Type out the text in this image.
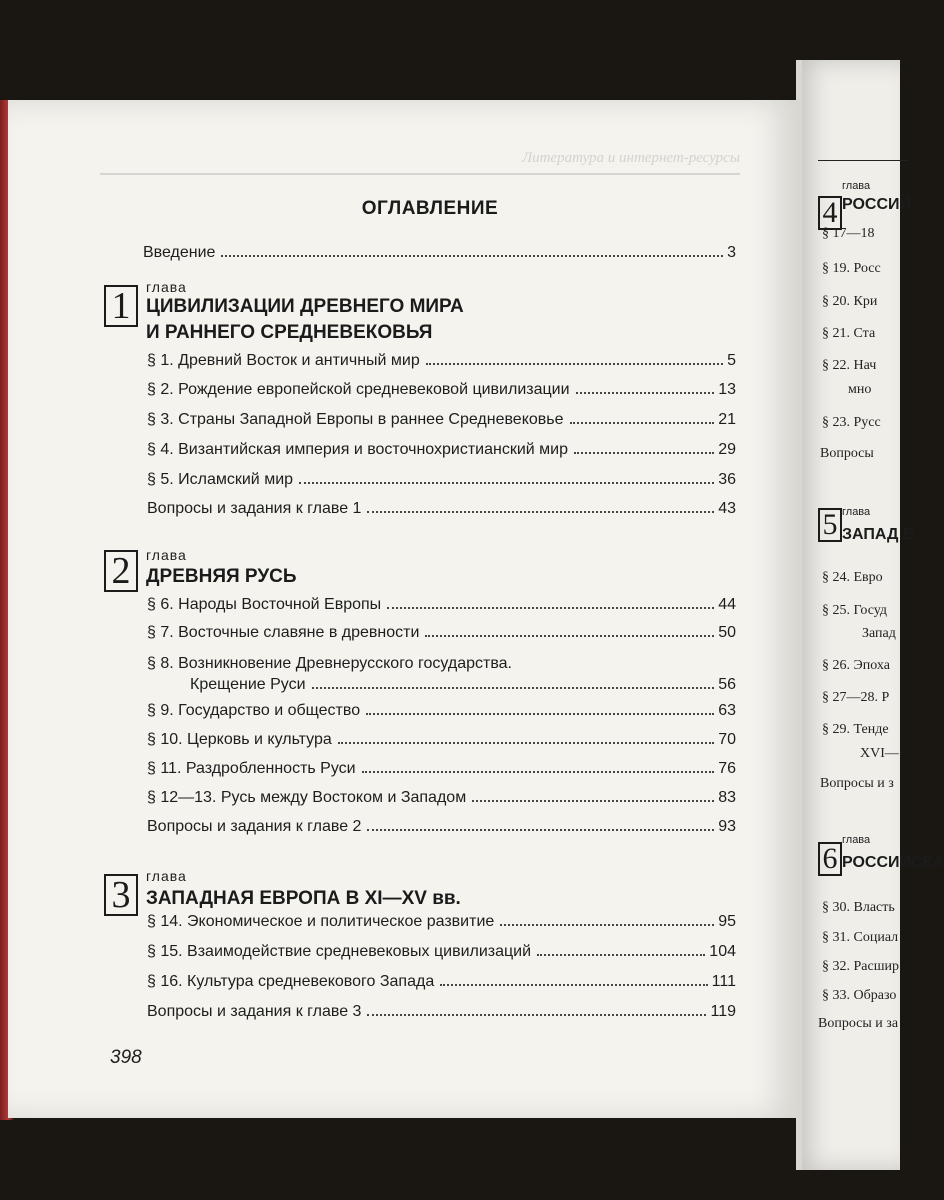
Литература и интернет-ресурсы
ОГЛАВЛЕНИЕ
Введение	3
1	глава
ЦИВИЛИЗАЦИИ ДРЕВНЕГО МИРА
И РАННЕГО СРЕДНЕВЕКОВЬЯ
§ 1. Древний Восток и античный мир	5
§ 2. Рождение европейской средневековой цивилизации	13
§ 3. Страны Западной Европы в раннее Средневековье	21
§ 4. Византийская империя и восточнохристианский мир	29
§ 5. Исламский мир	36
Вопросы и задания к главе 1	43
2	глава
ДРЕВНЯЯ РУСЬ
§ 6. Народы Восточной Европы	44
§ 7. Восточные славяне в древности	50
§ 8. Возникновение Древнерусского государства.
Крещение Руси	56
§ 9. Государство и общество	63
§ 10. Церковь и культура	70
§ 11. Раздробленность Руси	76
§ 12—13. Русь между Востоком и Западом	83
Вопросы и задания к главе 2	93
3	глава
ЗАПАДНАЯ ЕВРОПА В XI—XV вв.
§ 14. Экономическое и политическое развитие	95
§ 15. Взаимодействие средневековых цивилизаций	104
§ 16. Культура средневекового Запада	111
Вопросы и задания к главе 3	119
398
4
глава
РОССИЙ
§ 17—18
§ 19. Росс
§ 20. Кри
§ 21. Ста
§ 22. Нач
мно
§ 23. Русс
Вопросы
5 глава
ЗАПАД В
§ 24. Евро
§ 25. Госуд
Запад
§ 26. Эпоха
§ 27—28. Р
§ 29. Тенде
XVI—
Вопросы и з
6
глава
РОССИЙСКА
§ 30. Власть
§ 31. Социал
§ 32. Расшир
§ 33. Образо
Вопросы и за
